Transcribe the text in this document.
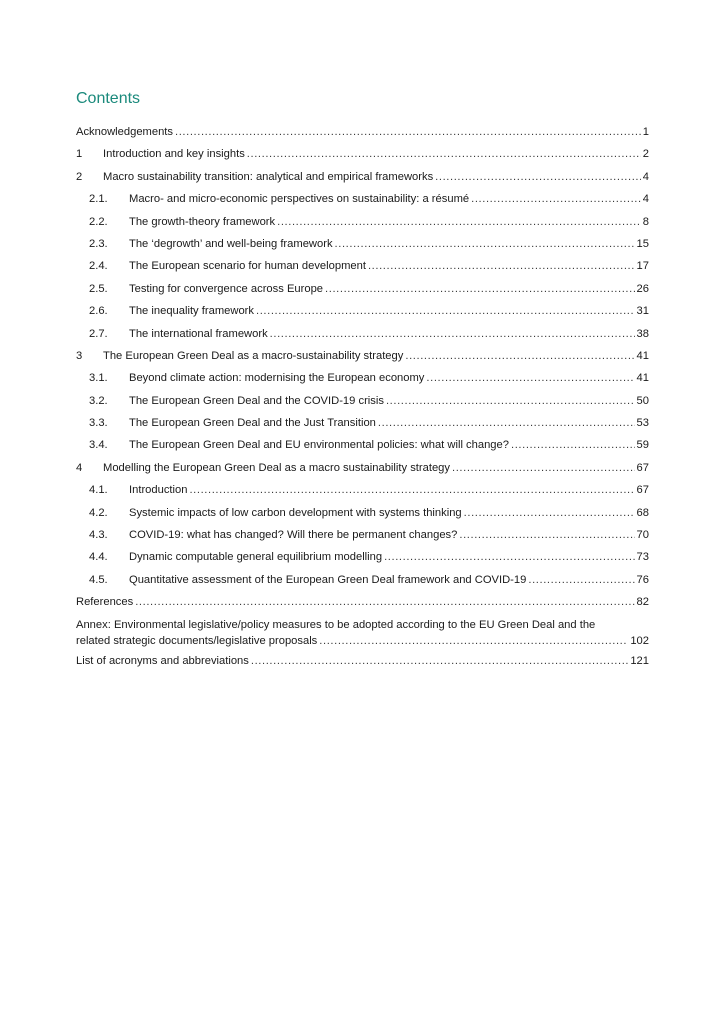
Contents
Acknowledgements .....	1
1	Introduction and key insights .....	2
2	Macro sustainability transition: analytical and empirical frameworks .....	4
2.1.	Macro- and micro-economic perspectives on sustainability: a résumé .....	4
2.2.	The growth-theory framework .....	8
2.3.	The ‘degrowth’ and well-being framework .....	15
2.4.	The European scenario for human development .....	17
2.5.	Testing for convergence across Europe .....	26
2.6.	The inequality framework .....	31
2.7.	The international framework .....	38
3	The European Green Deal as a macro-sustainability strategy .....	41
3.1.	Beyond climate action: modernising the European economy .....	41
3.2.	The European Green Deal and the COVID-19 crisis .....	50
3.3.	The European Green Deal and the Just Transition .....	53
3.4.	The European Green Deal and EU environmental policies: what will change? .....	59
4	Modelling the European Green Deal as a macro sustainability strategy .....	67
4.1.	Introduction .....	67
4.2.	Systemic impacts of low carbon development with systems thinking .....	68
4.3.	COVID-19: what has changed? Will there be permanent changes? .....	70
4.4.	Dynamic computable general equilibrium modelling .....	73
4.5.	Quantitative assessment of the European Green Deal framework and COVID-19 .....	76
References .....	82
Annex: Environmental legislative/policy measures to be adopted according to the EU Green Deal and the
related strategic documents/legislative proposals .....	102
List of acronyms and abbreviations .....	121
